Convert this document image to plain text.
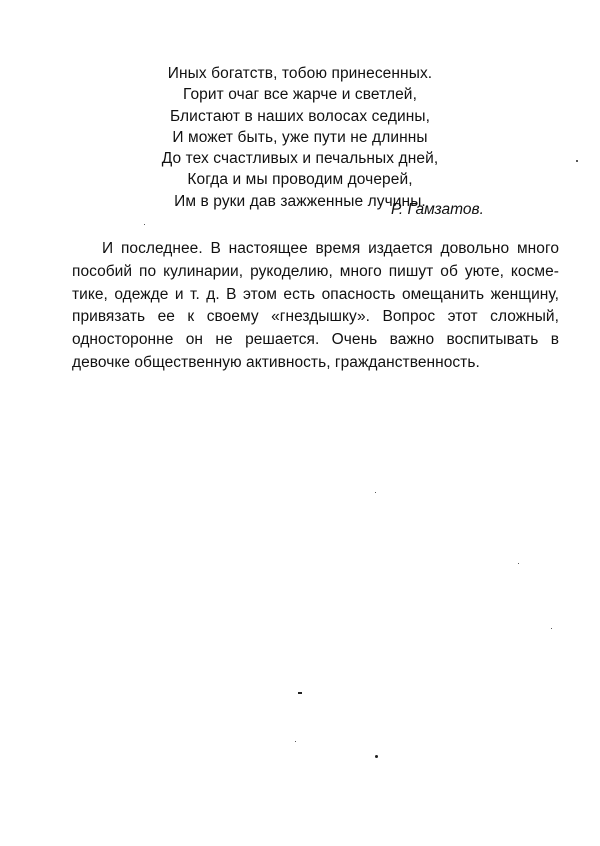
Иных богатств, тобою принесенных.
Горит очаг все жарче и светлей,
Блистают в наших волосах седины,
И может быть, уже пути не длинны
До тех счастливых и печальных дней,
Когда и мы проводим дочерей,
Им в руки дав зажженные лучины.
Р. Гамзатов.
И последнее. В настоящее время издается довольно много
пособий по кулинарии, рукоделию, много пишут об уюте, косме-
тике, одежде и т. д. В этом есть опасность омещанить женщину,
привязать ее к своему «гнездышку». Вопрос этот сложный,
односторонне он не решается. Очень важно воспитывать в
девочке общественную активность, гражданственность.
